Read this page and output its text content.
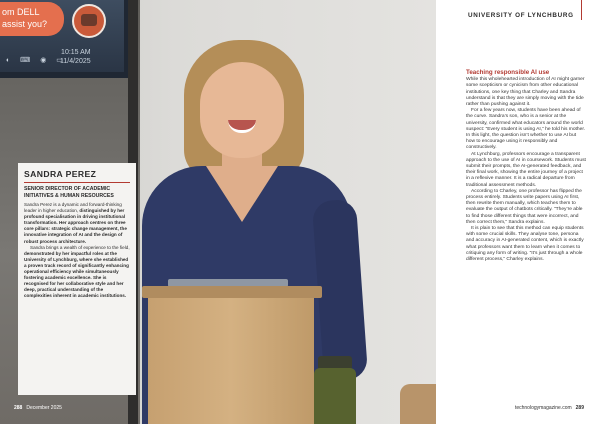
om DELL
assist you?
10:15 AM
11/4/2025
◐ ⌨ ◉ ▭
SANDRA PEREZ
SENIOR DIRECTOR OF ACADEMIC INITIATIVES & HUMAN RESOURCES

Sandra Perez is a dynamic and forward-thinking leader in higher education, distinguished by her profound specialisation in driving institutional transformation. Her approach centres on three core pillars: strategic change management, the innovative integration of AI and the design of robust process architecture.

Sandra brings a wealth of experience to the field, demonstrated by her impactful roles at the University of Lynchburg, where she established a proven track record of significantly enhancing operational efficiency while simultaneously fostering academic excellence. She is recognised for her collaborative style and her deep, practical understanding of the complexities inherent in academic institutions.

UNIVERSITY OF LYNCHBURG
Teaching responsible AI use

While this wholehearted introduction of AI might garner some scepticism or cynicism from other educational institutions, one key thing that Charley and Sandra understand is that they are simply moving with the tide rather than pushing against it.

For a few years now, students have been ahead of the curve. Sandra’s son, who is a senior at the university, confirmed what educators around the world suspect: “Every student is using AI,” he told his mother. In this light, the question isn’t whether to use AI but how to encourage using it responsibly and constructively.

At Lynchburg, professors encourage a transparent approach to the use of AI in coursework. Students must submit their prompts, the AI-generated feedback, and their final work, showing the entire journey of a project in a reflexive manner. It is a radical departure from traditional assessment methods.

According to Charley, one professor has flipped the process entirely. Students write papers using AI first, then rewrite them manually, which teaches them to evaluate the output of chatbots critically. “They’re able to find those different things that were incorrect, and then correct them,” Sandra explains.

It is plain to see that this method can equip students with some crucial skills. They analyse tone, persona and accuracy in AI-generated content, which is exactly what professors want them to learn when it comes to critiquing any form of writing. “It’s just through a whole different process,” Charley explains.

288 December 2025	technologymagazine.com 289
